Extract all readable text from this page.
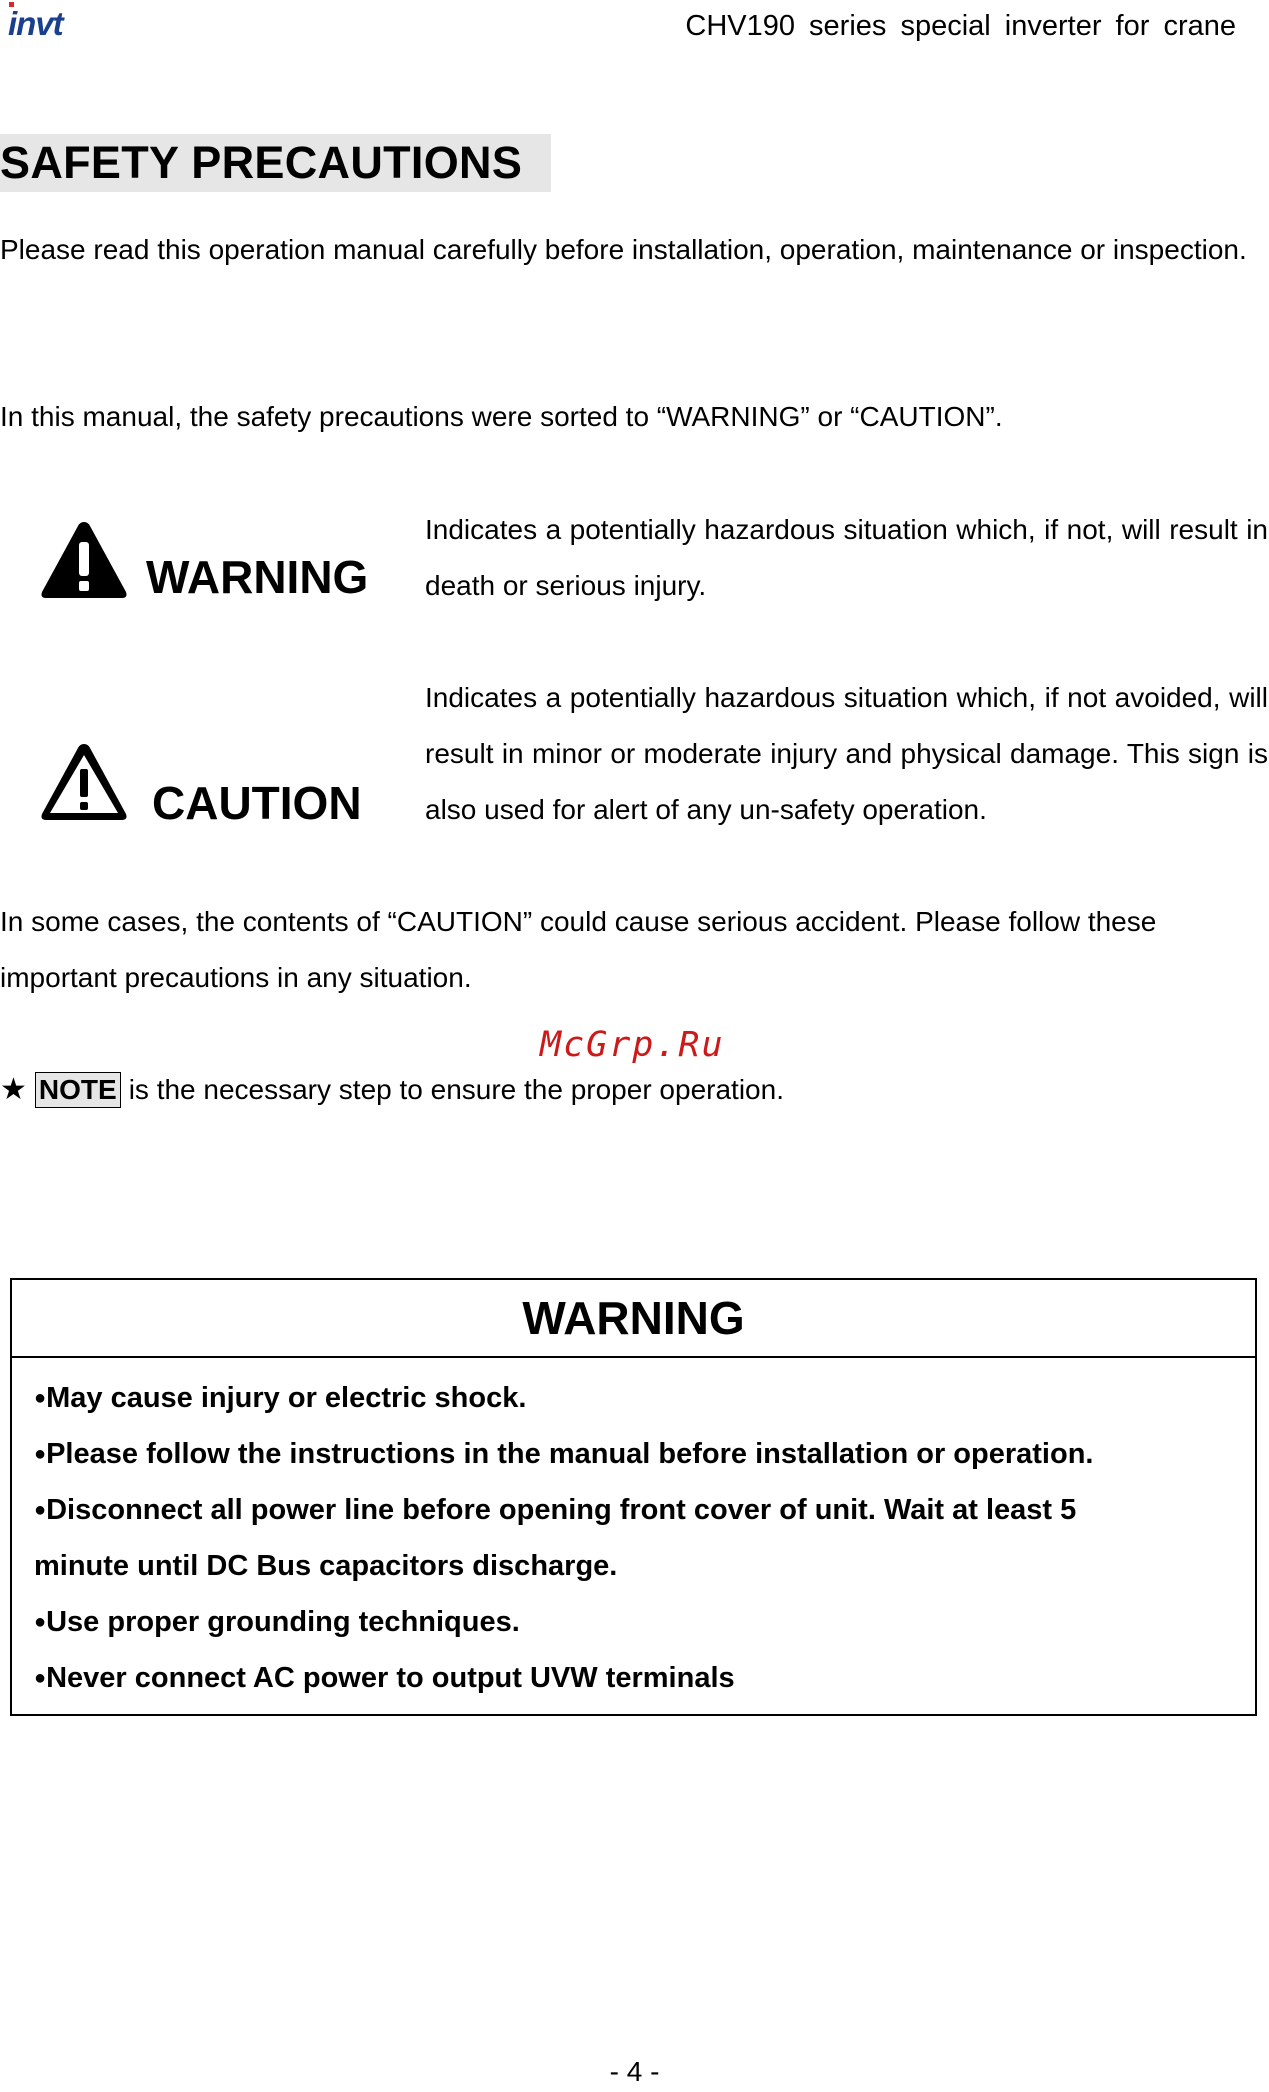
invt	CHV190 series special inverter for crane
SAFETY PRECAUTIONS

Please read this operation manual carefully before installation, operation, maintenance or inspection.

In this manual, the safety precautions were sorted to “WARNING” or “CAUTION”.

WARNING

Indicates a potentially hazardous situation which, if not, will result in death or serious injury.

CAUTION

Indicates a potentially hazardous situation which, if not avoided, will result in minor or moderate injury and physical damage. This sign is also used for alert of any un-safety operation.

In some cases, the contents of “CAUTION” could cause serious accident. Please follow these important precautions in any situation.

McGrp.Ru
★ NOTE is the necessary step to ensure the proper operation.
WARNING

●May cause injury or electric shock.

●Please follow the instructions in the manual before installation or operation.

●Disconnect all power line before opening front cover of unit. Wait at least 5 minute until DC Bus capacitors discharge.

●Use proper grounding techniques.

●Never connect AC power to output UVW terminals

- 4 -
